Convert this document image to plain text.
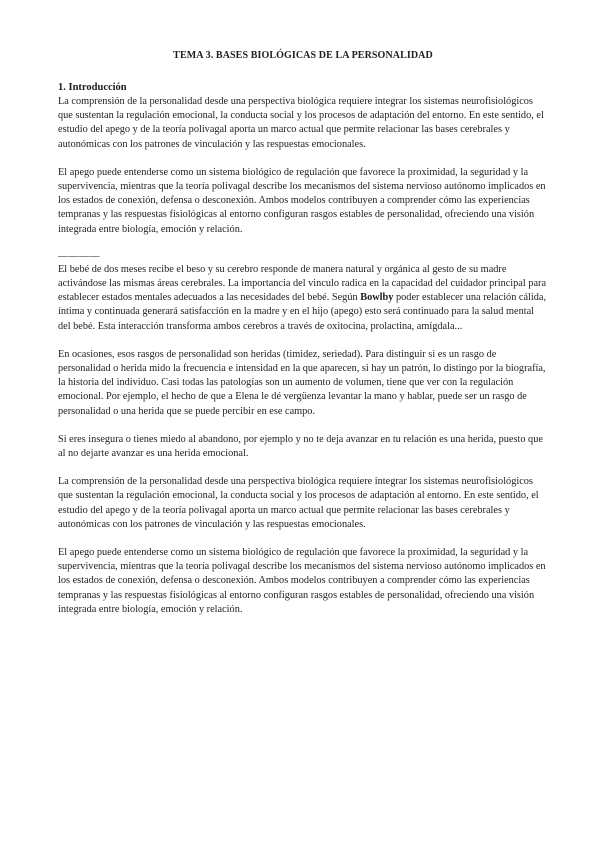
TEMA 3. BASES BIOLÓGICAS DE LA PERSONALIDAD
1. Introducción

La comprensión de la personalidad desde una perspectiva biológica requiere integrar los sistemas neurofisiológicos que sustentan la regulación emocional, la conducta social y los procesos de adaptación del entorno. En este sentido, el estudio del apego y de la teoría polivagal aporta un marco actual que permite relacionar las bases cerebrales y autonómicas con los patrones de vinculación y las respuestas emocionales.

El apego puede entenderse como un sistema biológico de regulación que favorece la proximidad, la seguridad y la supervivencia, mientras que la teoría polivagal describe los mecanismos del sistema nervioso autónomo implicados en los estados de conexión, defensa o desconexión. Ambos modelos contribuyen a comprender cómo las experiencias tempranas y las respuestas fisiológicas al entorno configuran rasgos estables de personalidad, ofreciendo una visión integrada entre biología, emoción y relación.

————

El bebé de dos meses recibe el beso y su cerebro responde de manera natural y orgánica al gesto de su madre activándose las mismas áreas cerebrales. La importancia del vinculo radica en la capacidad del cuidador principal para establecer estados mentales adecuados a las necesidades del bebé. Según Bowlby poder establecer una relación cálida, íntima y continuada generará satisfacción en la madre y en el hijo (apego) esto será continuado para la salud mental del bebé. Esta interacción transforma ambos cerebros a través de oxitocina, prolactina, amígdala...

En ocasiones, esos rasgos de personalidad son heridas (timidez, seriedad). Para distinguir si es un rasgo de personalidad o herida mido la frecuencia e intensidad en la que aparecen, si hay un patrón, lo distingo por la biografía, la historia del individuo. Casi todas las patologías son un aumento de volumen, tiene que ver con la regulación emocional. Por ejemplo, el hecho de que a Elena le dé vergüenza levantar la mano y hablar, puede ser un rasgo de personalidad o una herida que se puede percibir en ese campo.

Si eres insegura o tienes miedo al abandono, por ejemplo y no te deja avanzar en tu relación es una herida, puesto que al no dejarte avanzar es una herida emocional.

La comprensión de la personalidad desde una perspectiva biológica requiere integrar los sistemas neurofisiológicos que sustentan la regulación emocional, la conducta social y los procesos de adaptación al entorno. En este sentido, el estudio del apego y de la teoría polivagal aporta un marco actual que permite relacionar las bases cerebrales y autonómicas con los patrones de vinculación y las respuestas emocionales.

El apego puede entenderse como un sistema biológico de regulación que favorece la proximidad, la seguridad y la supervivencia, mientras que la teoría polivagal describe los mecanismos del sistema nervioso autónomo implicados en los estados de conexión, defensa o desconexión. Ambos modelos contribuyen a comprender cómo las experiencias tempranas y las respuestas fisiológicas al entorno configuran rasgos estables de personalidad, ofreciendo una visión integrada entre biología, emoción y relación.
